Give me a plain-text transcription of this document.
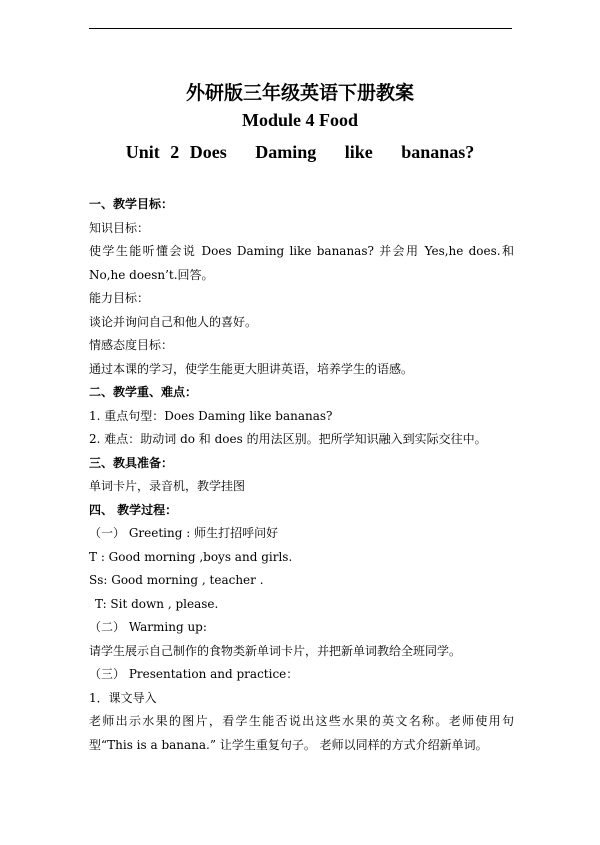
外研版三年级英语下册教案
Module 4 Food
Unit 2 Does Daming like bananas?

一、教学目标：

知识目标：

使学生能听懂会说 Does Daming like bananas? 并会用 Yes,he does.和 No,he doesn’t.回答。

能力目标：

谈论并询问自己和他人的喜好。

情感态度目标：

通过本课的学习，使学生能更大胆讲英语，培养学生的语感。

二、教学重、难点：

1. 重点句型：Does Daming like bananas?

2. 难点：助动词 do 和 does 的用法区别。把所学知识融入到实际交往中。

三、教具准备：

单词卡片，录音机，教学挂图

四、 教学过程：

（一） Greeting : 师生打招呼问好

T : Good morning ,boys and girls.

Ss: Good morning , teacher .

T: Sit down , please.

（二） Warming up:

请学生展示自己制作的食物类新单词卡片，并把新单词教给全班同学。

（三） Presentation and practice：

1．课文导入

老师出示水果的图片，看学生能否说出这些水果的英文名称。老师使用句型“This is a banana.” 让学生重复句子。 老师以同样的方式介绍新单词。
